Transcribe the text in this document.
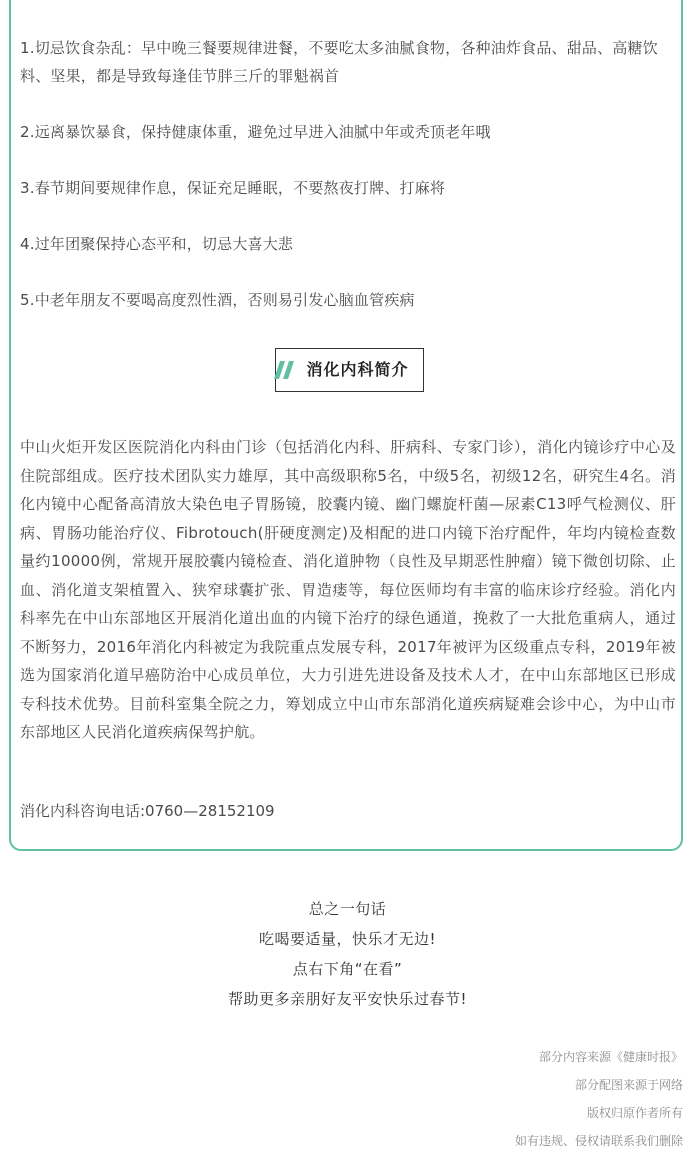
1.切忌饮食杂乱：早中晚三餐要规律进餐，不要吃太多油腻食物，各种油炸食品、甜品、高糖饮料、坚果，都是导致每逢佳节胖三斤的罪魁祸首

2.远离暴饮暴食，保持健康体重，避免过早进入油腻中年或秃顶老年哦

3.春节期间要规律作息，保证充足睡眠，不要熬夜打牌、打麻将

4.过年团聚保持心态平和，切忌大喜大悲

5.中老年朋友不要喝高度烈性酒，否则易引发心脑血管疾病

消化内科简介
中山火炬开发区医院消化内科由门诊（包括消化内科、肝病科、专家门诊），消化内镜诊疗中心及住院部组成。医疗技术团队实力雄厚，其中高级职称5名，中级5名，初级12名，研究生4名。消化内镜中心配备高清放大染色电子胃肠镜，胶囊内镜、幽门螺旋杆菌—尿素C13呼气检测仪、肝病、胃肠功能治疗仪、Fibrotouch(肝硬度测定)及相配的进口内镜下治疗配件，年均内镜检查数量约10000例，常规开展胶囊内镜检查、消化道肿物（良性及早期恶性肿瘤）镜下微创切除、止血、消化道支架植置入、狭窄球囊扩张、胃造瘘等，每位医师均有丰富的临床诊疗经验。消化内科率先在中山东部地区开展消化道出血的内镜下治疗的绿色通道，挽救了一大批危重病人，通过不断努力，2016年消化内科被定为我院重点发展专科，2017年被评为区级重点专科，2019年被选为国家消化道早癌防治中心成员单位，大力引进先进设备及技术人才，在中山东部地区已形成专科技术优势。目前科室集全院之力，筹划成立中山市东部消化道疾病疑难会诊中心，为中山市东部地区人民消化道疾病保驾护航。
消化内科咨询电话:0760—28152109
总之一句话
吃喝要适量，快乐才无边!
点右下角“在看”
帮助更多亲朋好友平安快乐过春节!
部分内容来源《健康时报》
部分配图来源于网络
版权归原作者所有
如有违规、侵权请联系我们删除
